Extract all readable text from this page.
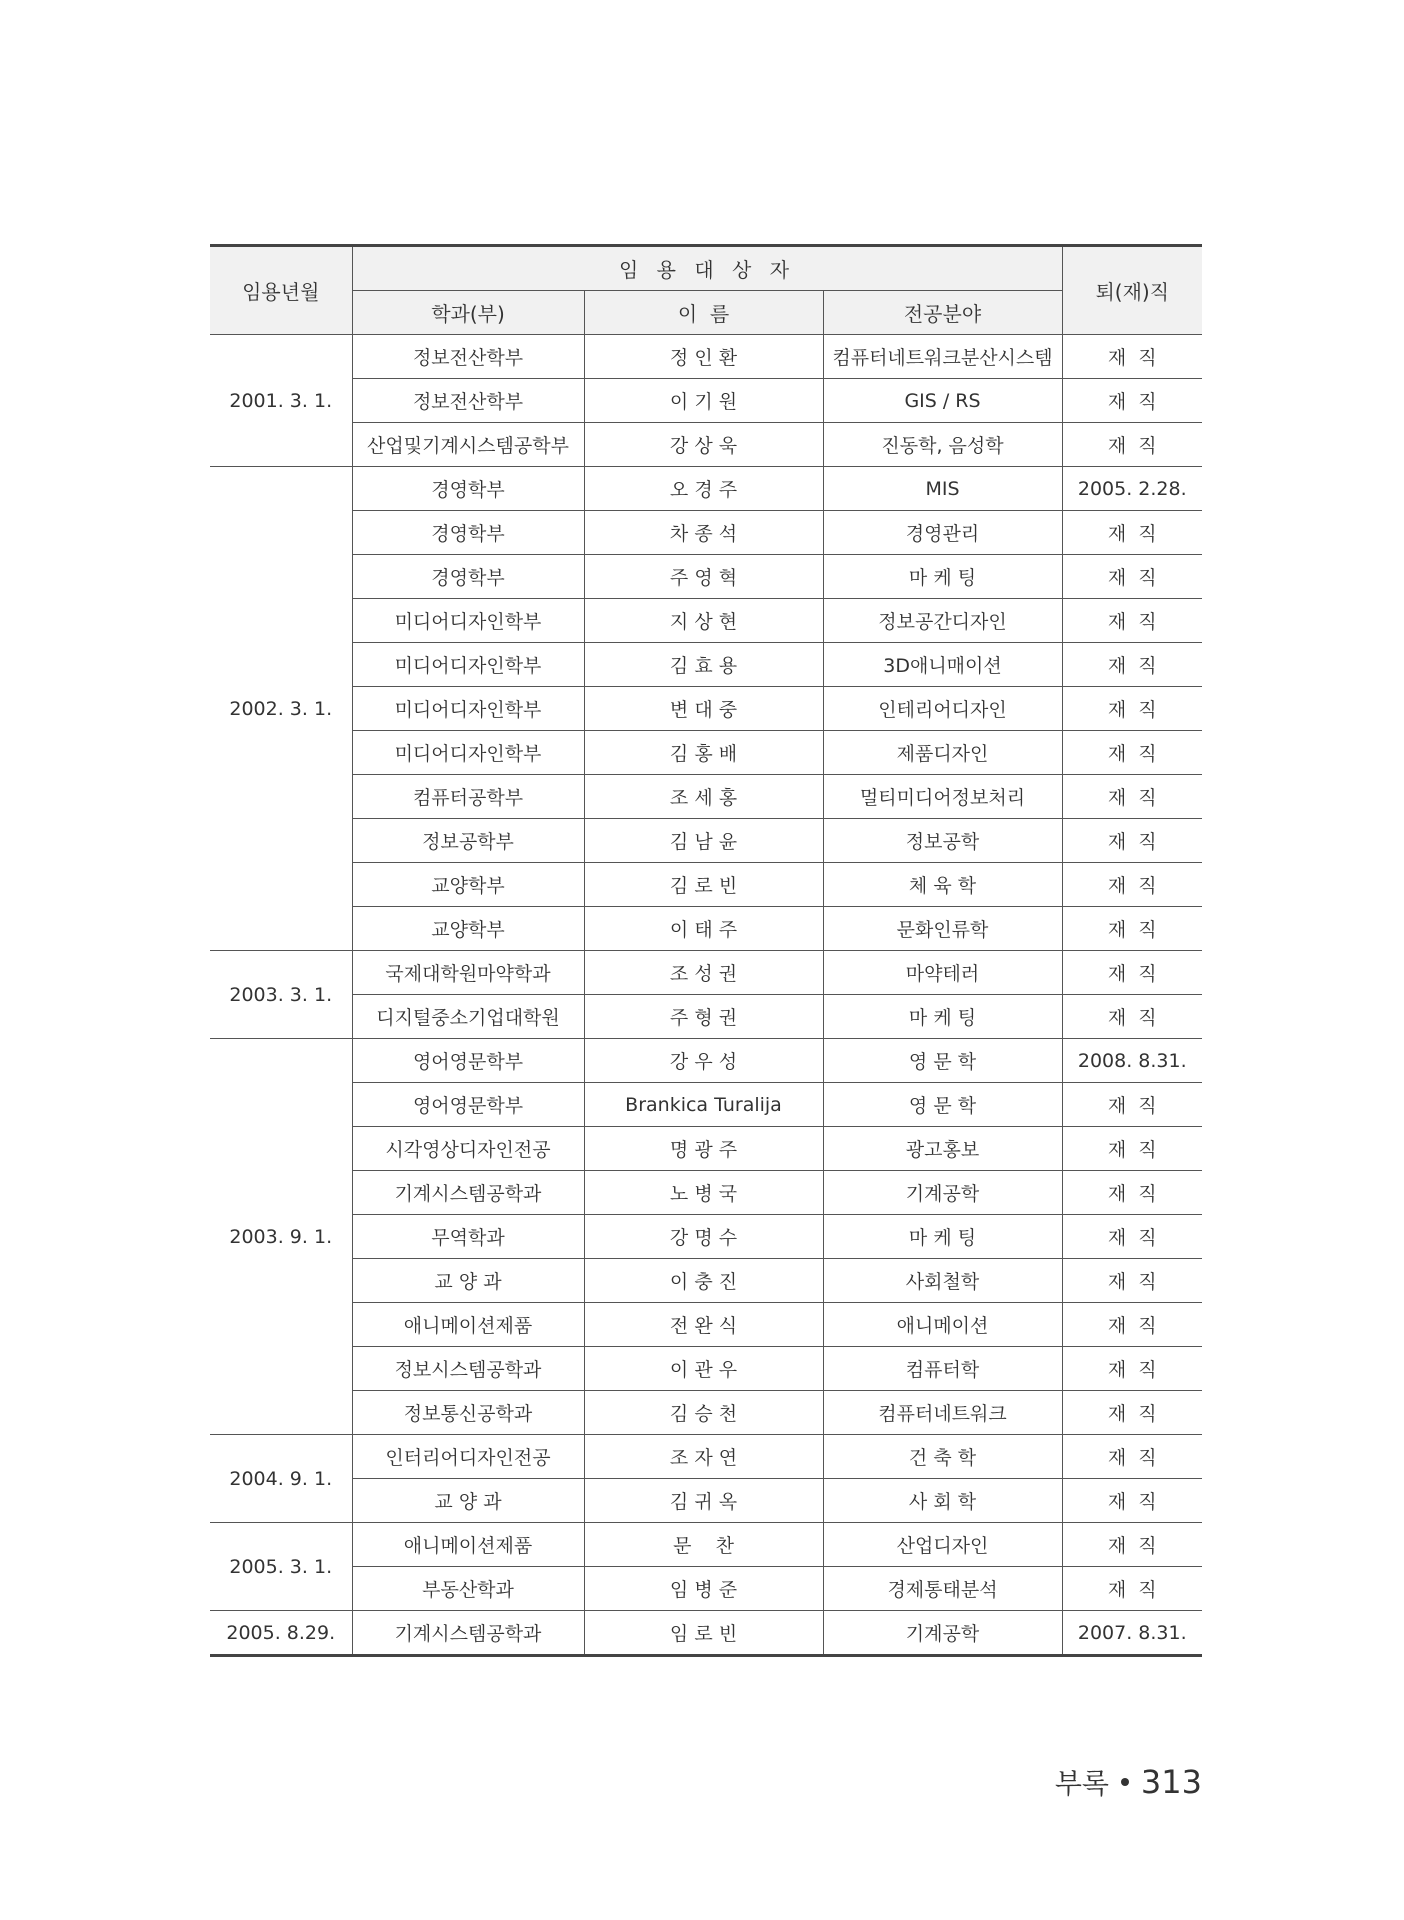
임용년월	임 용 대 상 자			퇴(재)직
	학과(부)	이  름	전공분야	
2001. 3. 1.	정보전산학부	정 인 환	컴퓨터네트워크분산시스템	재  직
	정보전산학부	이 기 원	GIS / RS	재  직
	산업및기계시스템공학부	강 상 욱	진동학, 음성학	재  직
2002. 3. 1.	경영학부	오 경 주	MIS	2005. 2.28.
	경영학부	차 종 석	경영관리	재  직
	경영학부	주 영 혁	마 케 팅	재  직
	미디어디자인학부	지 상 현	정보공간디자인	재  직
	미디어디자인학부	김 효 용	3D애니매이션	재  직
	미디어디자인학부	변 대 중	인테리어디자인	재  직
	미디어디자인학부	김 홍 배	제품디자인	재  직
	컴퓨터공학부	조 세 홍	멀티미디어정보처리	재  직
	정보공학부	김 남 윤	정보공학	재  직
	교양학부	김 로 빈	체 육 학	재  직
	교양학부	이 태 주	문화인류학	재  직
2003. 3. 1.	국제대학원마약학과	조 성 권	마약테러	재  직
	디지털중소기업대학원	주 형 권	마 케 팅	재  직
2003. 9. 1.	영어영문학부	강 우 성	영 문 학	2008. 8.31.
	영어영문학부	Brankica Turalija	영 문 학	재  직
	시각영상디자인전공	명 광 주	광고홍보	재  직
	기계시스템공학과	노 병 국	기계공학	재  직
	무역학과	강 명 수	마 케 팅	재  직
	교 양 과	이 충 진	사회철학	재  직
	애니메이션제품	전 완 식	애니메이션	재  직
	정보시스템공학과	이 관 우	컴퓨터학	재  직
	정보통신공학과	김 승 천	컴퓨터네트워크	재  직
2004. 9. 1.	인터리어디자인전공	조 자 연	건 축 학	재  직
	교 양 과	김 귀 옥	사 회 학	재  직
2005. 3. 1.	애니메이션제품	문    찬	산업디자인	재  직
	부동산학과	임 병 준	경제통태분석	재  직
2005. 8.29.	기계시스템공학과	임 로 빈	기계공학	2007. 8.31.
부록 313
